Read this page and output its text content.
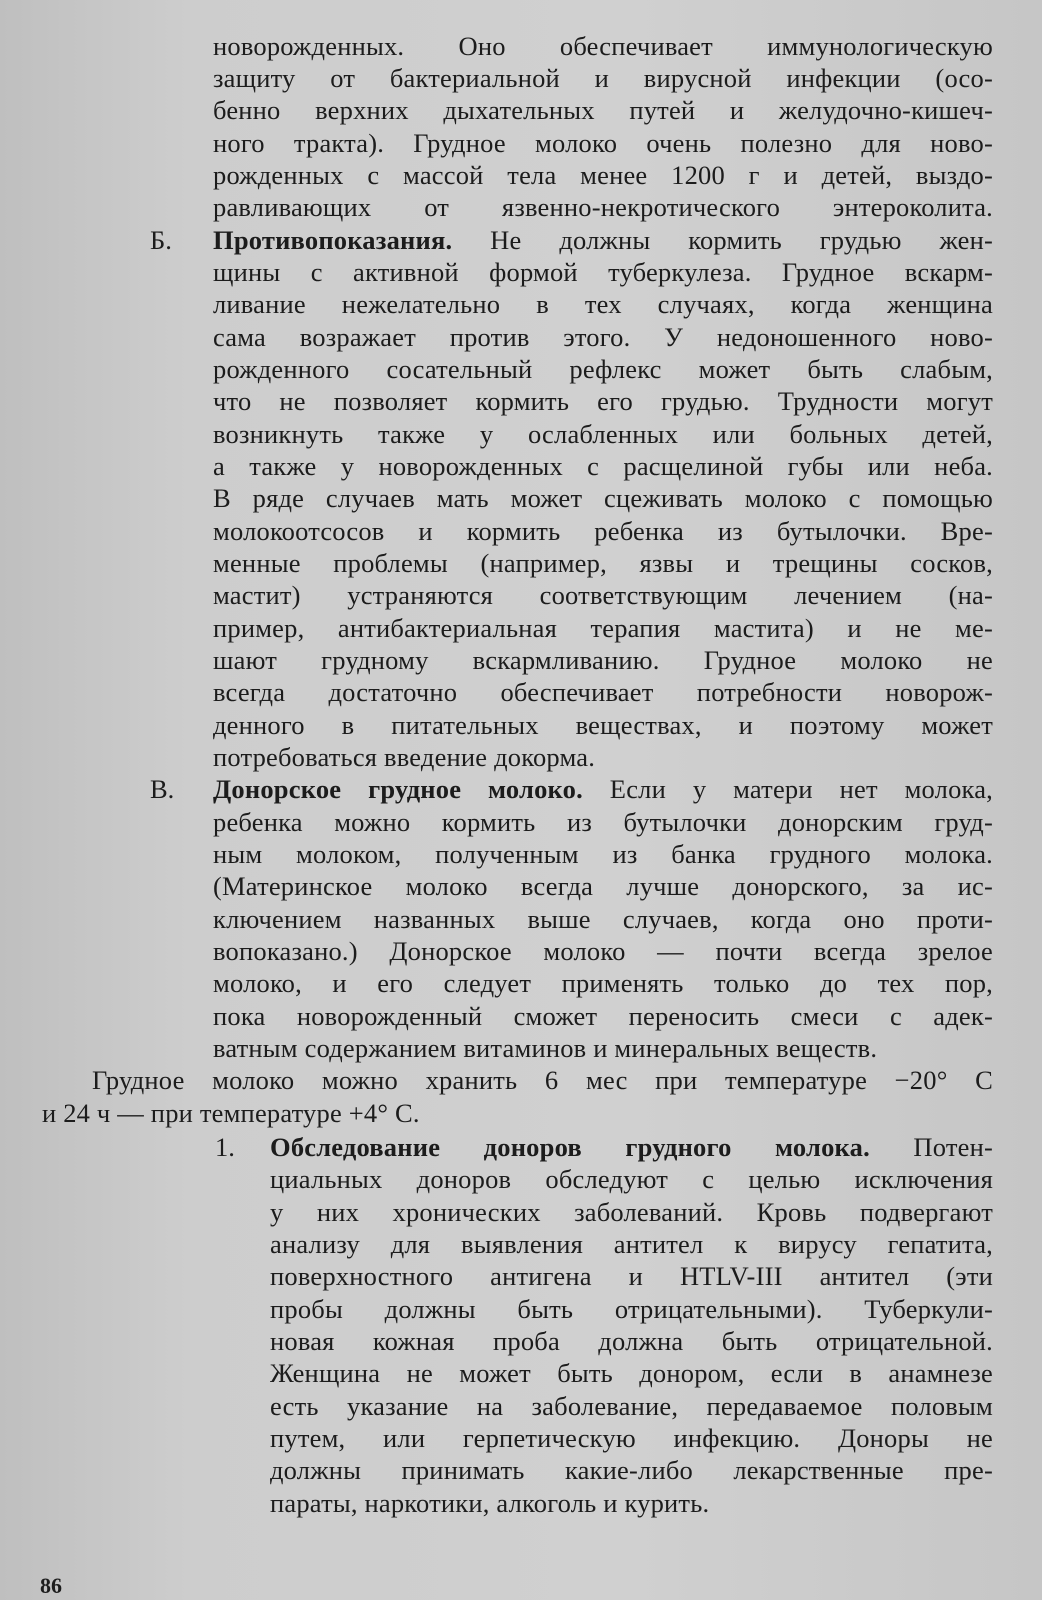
новорожденных. Оно обеспечивает иммунологическую
защиту от бактериальной и вирусной инфекции (осо-
бенно верхних дыхательных путей и желудочно-кишеч-
ного тракта). Грудное молоко очень полезно для ново-
рожденных с массой тела менее 1200 г и детей, выздо-
равливающих от язвенно-некротического энтероколита.
Б. Противопоказания. Не должны кормить грудью жен-
щины с активной формой туберкулеза. Грудное вскарм-
ливание нежелательно в тех случаях, когда женщина
сама возражает против этого. У недоношенного ново-
рожденного сосательный рефлекс может быть слабым,
что не позволяет кормить его грудью. Трудности могут
возникнуть также у ослабленных или больных детей,
а также у новорожденных с расщелиной губы или неба.
В ряде случаев мать может сцеживать молоко с помощью
молокоотсосов и кормить ребенка из бутылочки. Вре-
менные проблемы (например, язвы и трещины сосков,
мастит) устраняются соответствующим лечением (на-
пример, антибактериальная терапия мастита) и не ме-
шают грудному вскармливанию. Грудное молоко не
всегда достаточно обеспечивает потребности новорож-
денного в питательных веществах, и поэтому может
потребоваться введение докорма.
В. Донорское грудное молоко. Если у матери нет молока,
ребенка можно кормить из бутылочки донорским груд-
ным молоком, полученным из банка грудного молока.
(Материнское молоко всегда лучше донорского, за ис-
ключением названных выше случаев, когда оно проти-
вопоказано.) Донорское молоко — почти всегда зрелое
молоко, и его следует применять только до тех пор,
пока новорожденный сможет переносить смеси с адек-
ватным содержанием витаминов и минеральных веществ.
Грудное молоко можно хранить 6 мес при температуре −20° С
и 24 ч — при температуре +4° С.
1. Обследование доноров грудного молока. Потен-
циальных доноров обследуют с целью исключения
у них хронических заболеваний. Кровь подвергают
анализу для выявления антител к вирусу гепатита,
поверхностного антигена и HTLV-III антител (эти
пробы должны быть отрицательными). Туберкули-
новая кожная проба должна быть отрицательной.
Женщина не может быть донором, если в анамнезе
есть указание на заболевание, передаваемое половым
путем, или герпетическую инфекцию. Доноры не
должны принимать какие-либо лекарственные пре-
параты, наркотики, алкоголь и курить.
86
